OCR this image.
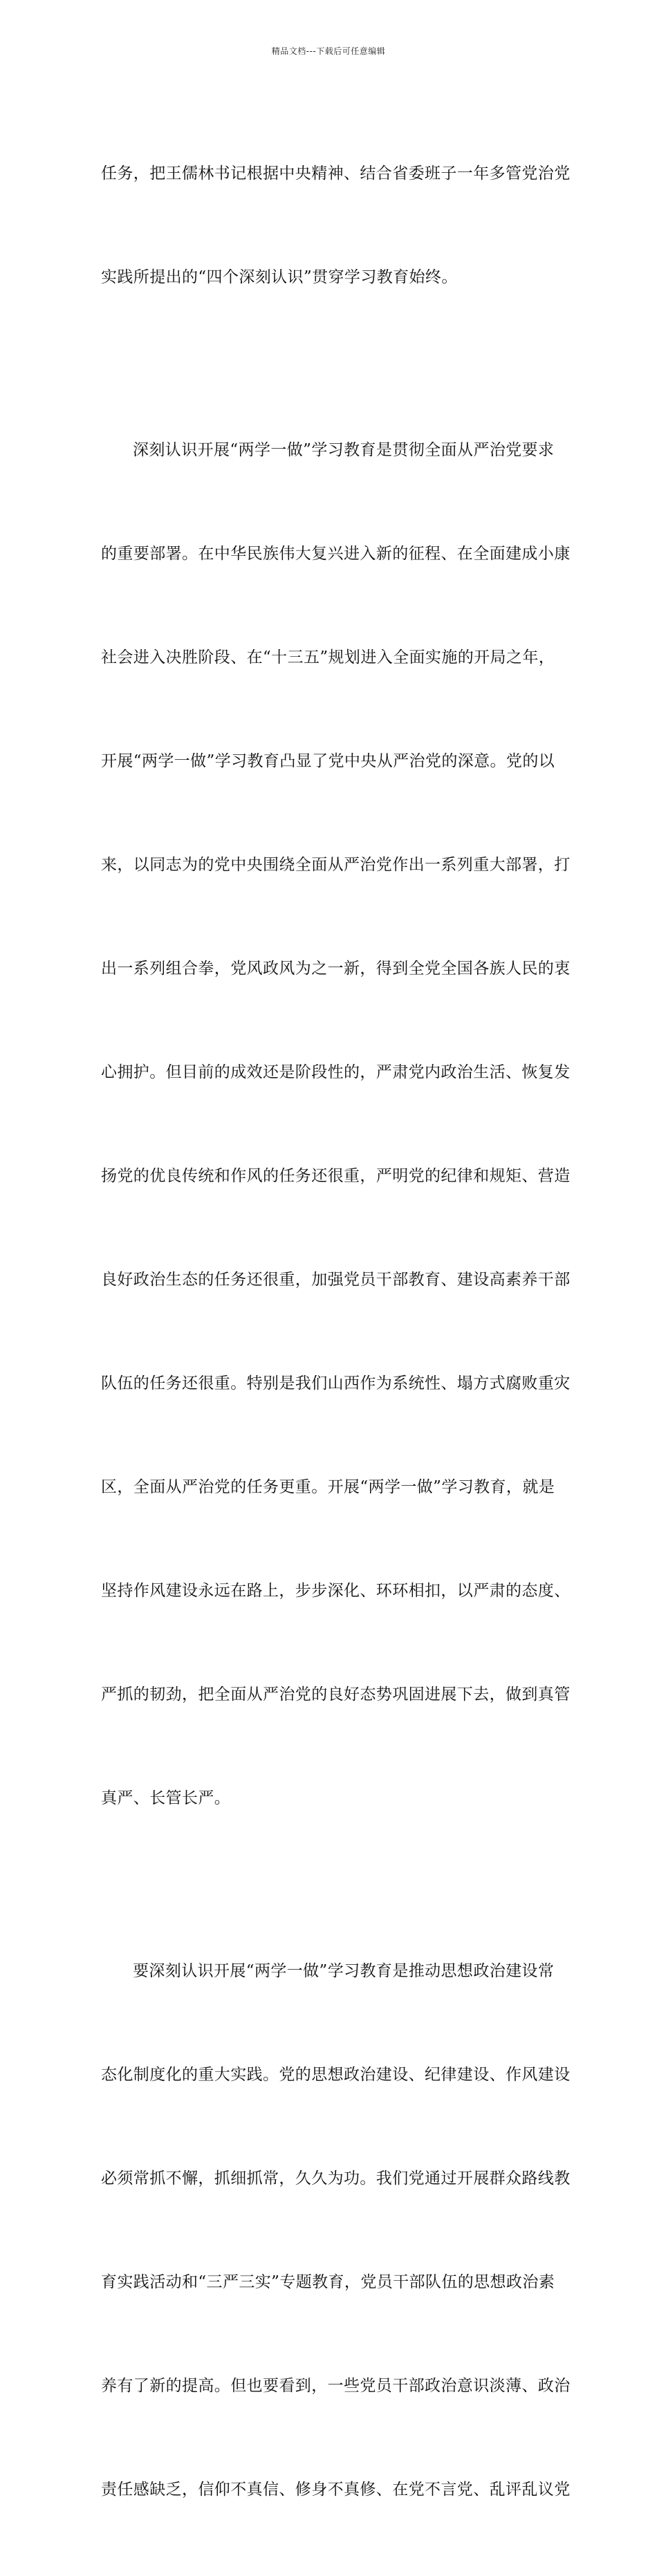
精品文档---下载后可任意编辑

任务，把王儒林书记根据中央精神、结合省委班子一年多管党治党

实践所提出的“四个深刻认识”贯穿学习教育始终。

深刻认识开展“两学一做”学习教育是贯彻全面从严治党要求

的重要部署。在中华民族伟大复兴进入新的征程、在全面建成小康

社会进入决胜阶段、在“十三五”规划进入全面实施的开局之年，

开展“两学一做”学习教育凸显了党中央从严治党的深意。党的以

来，以同志为的党中央围绕全面从严治党作出一系列重大部署，打

出一系列组合拳，党风政风为之一新，得到全党全国各族人民的衷

心拥护。但目前的成效还是阶段性的，严肃党内政治生活、恢复发

扬党的优良传统和作风的任务还很重，严明党的纪律和规矩、营造

良好政治生态的任务还很重，加强党员干部教育、建设高素养干部

队伍的任务还很重。特别是我们山西作为系统性、塌方式腐败重灾

区，全面从严治党的任务更重。开展“两学一做”学习教育，就是

坚持作风建设永远在路上，步步深化、环环相扣，以严肃的态度、

严抓的韧劲，把全面从严治党的良好态势巩固进展下去，做到真管

真严、长管长严。

要深刻认识开展“两学一做”学习教育是推动思想政治建设常

态化制度化的重大实践。党的思想政治建设、纪律建设、作风建设

必须常抓不懈，抓细抓常，久久为功。我们党通过开展群众路线教

育实践活动和“三严三实”专题教育，党员干部队伍的思想政治素

养有了新的提高。但也要看到，一些党员干部政治意识淡薄、政治

责任感缺乏，信仰不真信、修身不真修、在党不言党、乱评乱议党
